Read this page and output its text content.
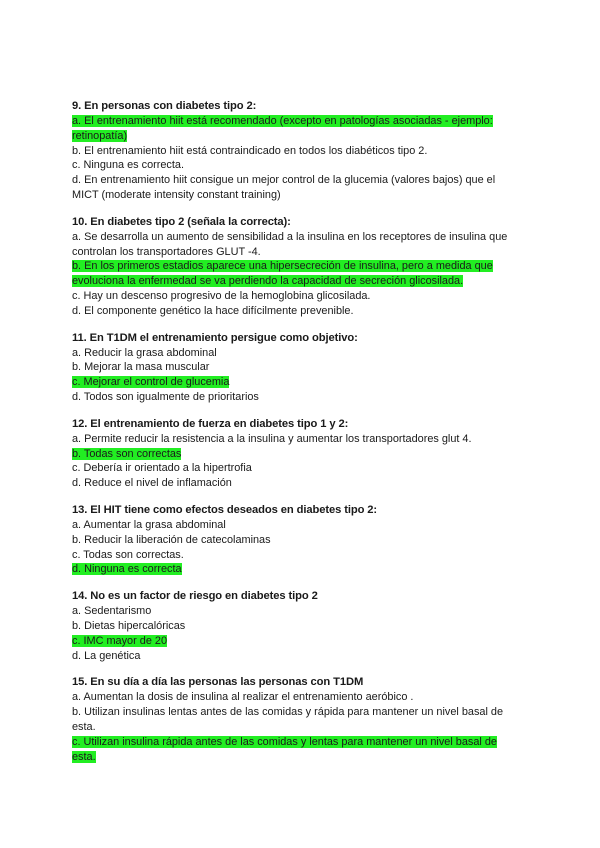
9. En personas con diabetes tipo 2:
a. El entrenamiento hiit está recomendado (excepto en patologías asociadas - ejemplo: retinopatía)
b. El entrenamiento hiit está contraindicado en todos los diabéticos tipo 2.
c. Ninguna es correcta.
d. En entrenamiento hiit consigue un mejor control de la glucemia (valores bajos) que el MICT (moderate intensity constant training)
10. En diabetes tipo 2 (señala la correcta):
a. Se desarrolla un aumento de sensibilidad a la insulina en los receptores de insulina que controlan los transportadores GLUT -4.
b. En los primeros estadios aparece una hipersecreción de insulina, pero a medida que evoluciona la enfermedad se va perdiendo la capacidad de secreción glicosilada.
c. Hay un descenso progresivo de la hemoglobina glicosilada.
d. El componente genético la hace difícilmente prevenible.
11. En T1DM el entrenamiento persigue como objetivo:
a. Reducir la grasa abdominal
b. Mejorar la masa muscular
c. Mejorar el control de glucemia
d. Todos son igualmente de prioritarios
12. El entrenamiento de fuerza en diabetes tipo 1 y 2:
a. Permite reducir la resistencia a la insulina y aumentar los transportadores glut 4.
b. Todas son correctas
c. Debería ir orientado a la hipertrofia
d. Reduce el nivel de inflamación
13. El HIT tiene como efectos deseados en diabetes tipo 2:
a. Aumentar la grasa abdominal
b. Reducir la liberación de catecolaminas
c. Todas son correctas.
d. Ninguna es correcta
14. No es un factor de riesgo en diabetes tipo 2
a. Sedentarismo
b. Dietas hipercalóricas
c. IMC mayor de 20
d. La genética
15. En su día a día las personas las personas con T1DM
a. Aumentan la dosis de insulina al realizar el entrenamiento aeróbico .
b. Utilizan insulinas lentas antes de las comidas y rápida para mantener un nivel basal de esta.
c. Utilizan insulina rápida antes de las comidas y lentas para mantener un nivel basal de esta.
